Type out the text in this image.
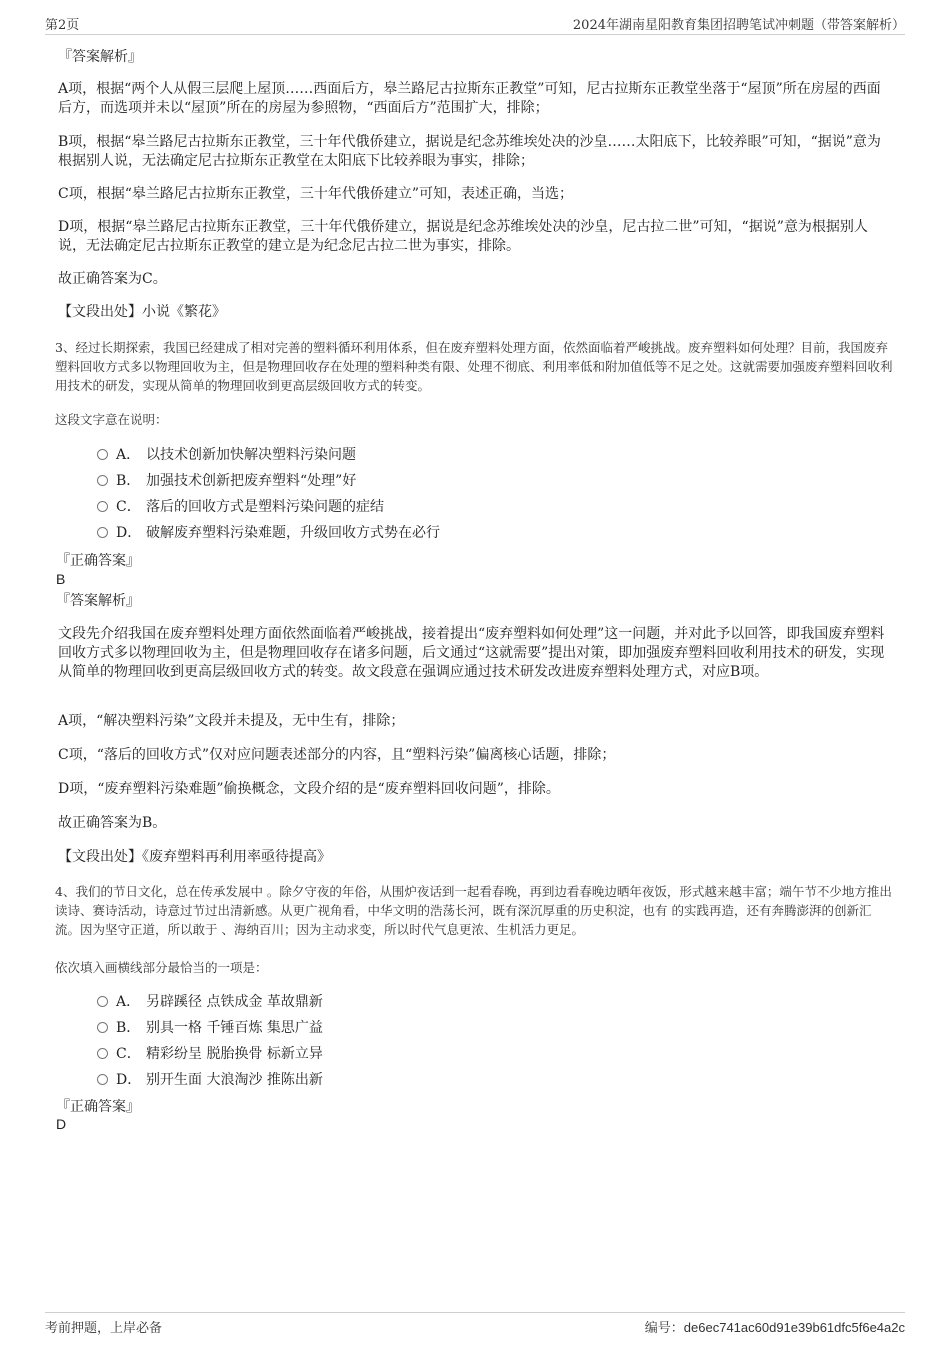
第2页	2024年湖南星阳教育集团招聘笔试冲刺题（带答案解析）
『答案解析』
A项，根据“两个人从假三层爬上屋顶……西面后方，皋兰路尼古拉斯东正教堂”可知，尼古拉斯东正教堂坐落于“屋顶”所在房屋的西面后方，而选项并未以“屋顶”所在的房屋为参照物，“西面后方”范围扩大，排除；
B项，根据“皋兰路尼古拉斯东正教堂，三十年代俄侨建立，据说是纪念苏维埃处决的沙皇……太阳底下，比较养眼”可知，“据说”意为根据别人说，无法确定尼古拉斯东正教堂在太阳底下比较养眼为事实，排除；
C项，根据“皋兰路尼古拉斯东正教堂，三十年代俄侨建立”可知，表述正确，当选；
D项，根据“皋兰路尼古拉斯东正教堂，三十年代俄侨建立，据说是纪念苏维埃处决的沙皇，尼古拉二世”可知，“据说”意为根据别人说，无法确定尼古拉斯东正教堂的建立是为纪念尼古拉二世为事实，排除。
故正确答案为C。
【文段出处】小说《繁花》
3、经过长期探索，我国已经建成了相对完善的塑料循环利用体系，但在废弃塑料处理方面，依然面临着严峻挑战。废弃塑料如何处理？目前，我国废弃塑料回收方式多以物理回收为主，但是物理回收存在处理的塑料种类有限、处理不彻底、利用率低和附加值低等不足之处。这就需要加强废弃塑料回收利用技术的研发，实现从简单的物理回收到更高层级回收方式的转变。
这段文字意在说明：
A． 以技术创新加快解决塑料污染问题
B． 加强技术创新把废弃塑料“处理”好
C． 落后的回收方式是塑料污染问题的症结
D． 破解废弃塑料污染难题，升级回收方式势在必行
『正确答案』
B
『答案解析』
文段先介绍我国在废弃塑料处理方面依然面临着严峻挑战，接着提出“废弃塑料如何处理”这一问题，并对此予以回答，即我国废弃塑料回收方式多以物理回收为主，但是物理回收存在诸多问题，后文通过“这就需要”提出对策，即加强废弃塑料回收利用技术的研发，实现从简单的物理回收到更高层级回收方式的转变。故文段意在强调应通过技术研发改进废弃塑料处理方式，对应B项。
A项，“解决塑料污染”文段并未提及，无中生有，排除；
C项，“落后的回收方式”仅对应问题表述部分的内容，且“塑料污染”偏离核心话题，排除；
D项，“废弃塑料污染难题”偷换概念，文段介绍的是“废弃塑料回收问题”，排除。
故正确答案为B。
【文段出处】《废弃塑料再利用率亟待提高》
4、我们的节日文化，总在传承发展中 。除夕守夜的年俗，从围炉夜话到一起看春晚，再到边看春晚边晒年夜饭，形式越来越丰富；端午节不少地方推出读诗、赛诗活动，诗意过节过出清新感。从更广视角看，中华文明的浩荡长河，既有深沉厚重的历史积淀，也有 的实践再造，还有奔腾澎湃的创新汇流。因为坚守正道，所以敢于 、海纳百川；因为主动求变，所以时代气息更浓、生机活力更足。
依次填入画横线部分最恰当的一项是：
A． 另辟蹊径 点铁成金 革故鼎新
B． 别具一格 千锤百炼 集思广益
C． 精彩纷呈 脱胎换骨 标新立异
D． 别开生面 大浪淘沙 推陈出新
『正确答案』
D
考前押题，上岸必备	编号：de6ec741ac60d91e39b61dfc5f6e4a2c
